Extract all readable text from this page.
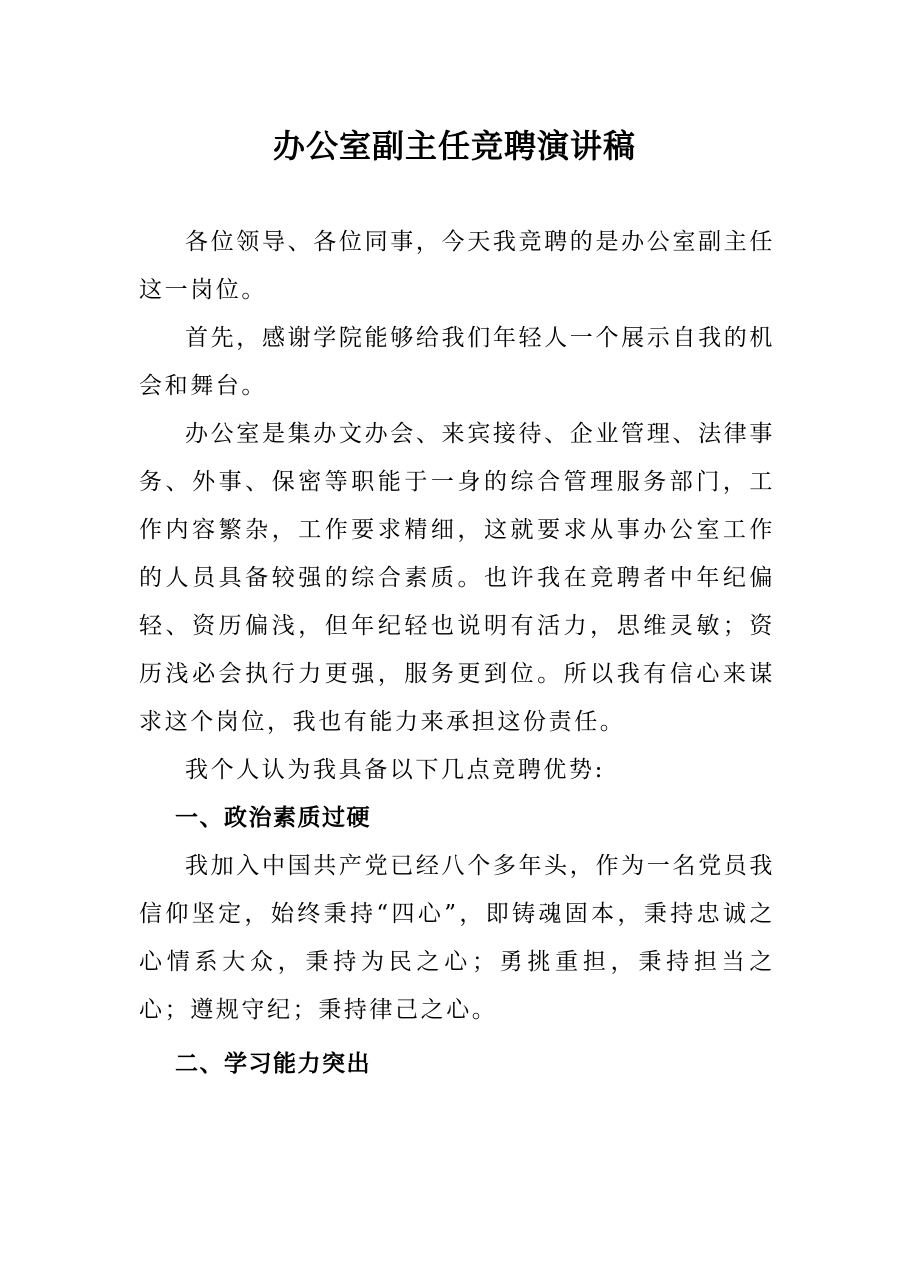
办公室副主任竞聘演讲稿

各位领导、各位同事，今天我竞聘的是办公室副主任这一岗位。

首先，感谢学院能够给我们年轻人一个展示自我的机会和舞台。

办公室是集办文办会、来宾接待、企业管理、法律事务、外事、保密等职能于一身的综合管理服务部门，工作内容繁杂，工作要求精细，这就要求从事办公室工作的人员具备较强的综合素质。也许我在竞聘者中年纪偏轻、资历偏浅，但年纪轻也说明有活力，思维灵敏；资历浅必会执行力更强，服务更到位。所以我有信心来谋求这个岗位，我也有能力来承担这份责任。

我个人认为我具备以下几点竞聘优势:

一、政治素质过硬

我加入中国共产党已经八个多年头，作为一名党员我信仰坚定，始终秉持“四心”，即铸魂固本，秉持忠诚之心情系大众，秉持为民之心；勇挑重担，秉持担当之心；遵规守纪；秉持律己之心。

二、学习能力突出
